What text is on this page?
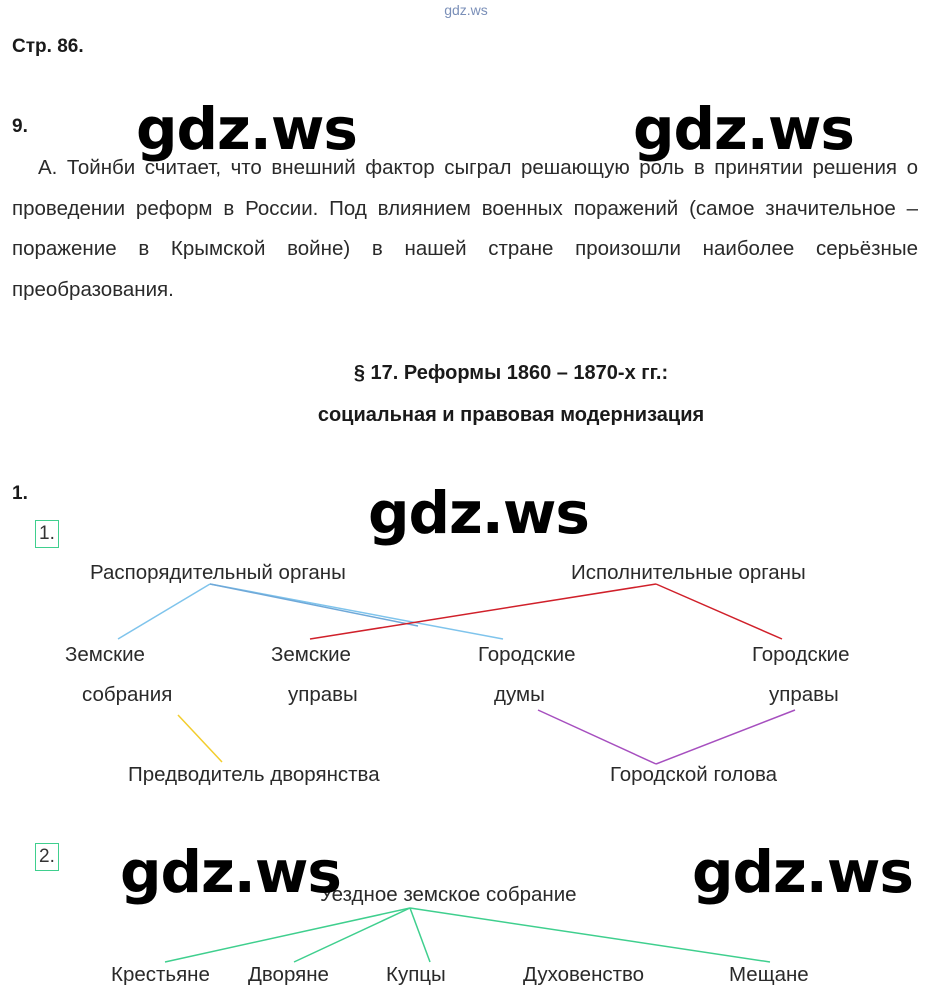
gdz.ws
Стр. 86.
9.

А. Тойнби считает, что внешний фактор сыграл решающую роль в принятии решения о проведении реформ в России. Под влиянием военных поражений (самое значительное – поражение в Крымской войне) в нашей стране произошли наиболее серьёзные преобразования.

§ 17. Реформы 1860 – 1870-х гг.:
социальная и правовая модернизация
1.
1.
Распорядительный органы	Исполнительные органы
Земские
собрания
Земские
управы
Городские
думы
Городские
управы
Предводитель дворянства	Городской голова
2.
Уездное земское собрание
Крестьяне Дворяне	Купцы	Духовенство	Мещане
gdz.ws	gdz.ws
gdz.ws
gdz.ws	gdz.ws
